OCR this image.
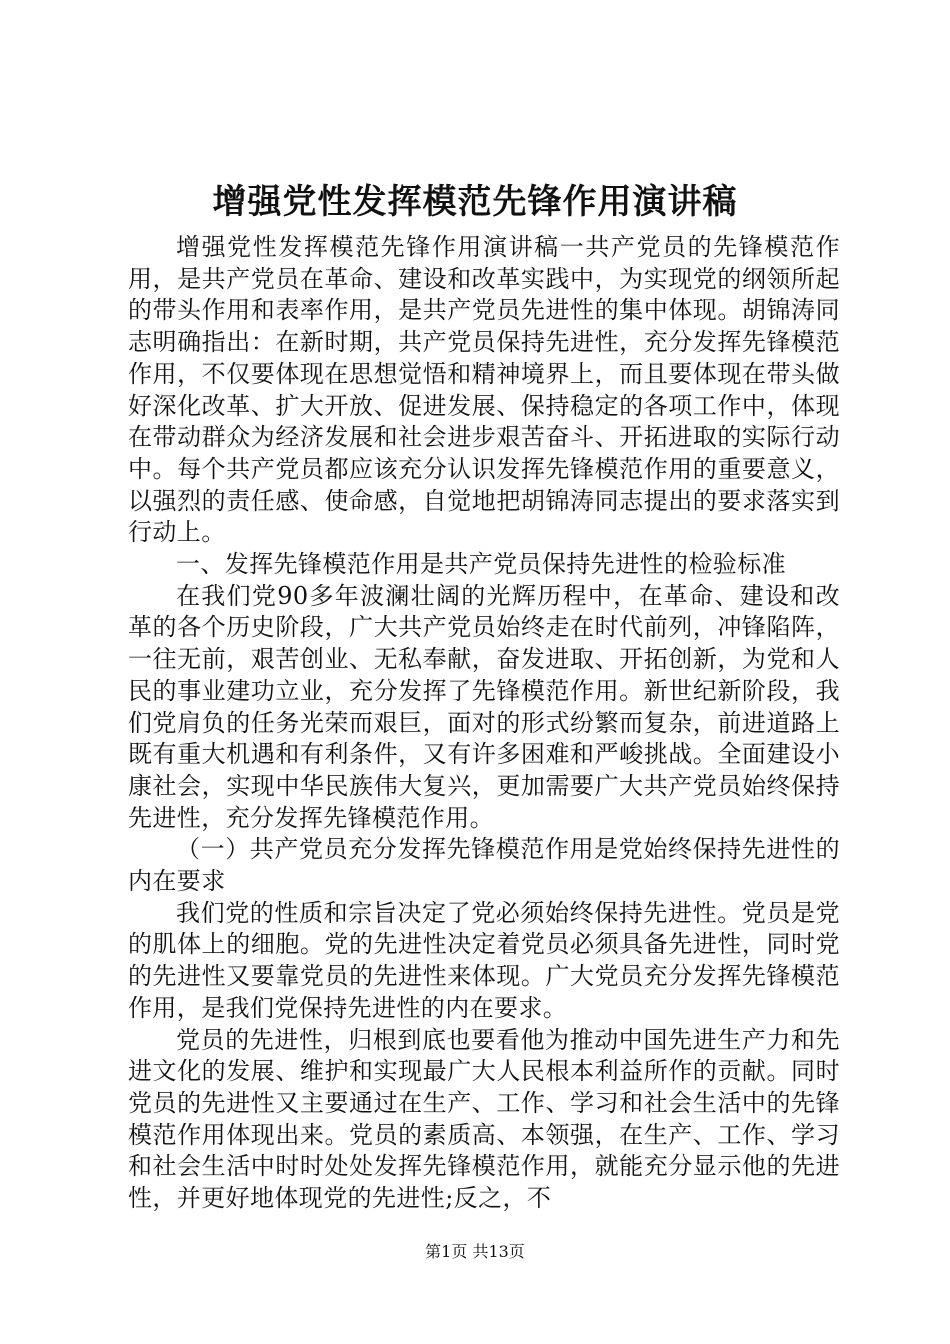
增强党性发挥模范先锋作用演讲稿

增强党性发挥模范先锋作用演讲稿一共产党员的先锋模范作用，是共产党员在革命、建设和改革实践中，为实现党的纲领所起的带头作用和表率作用，是共产党员先进性的集中体现。胡锦涛同志明确指出：在新时期，共产党员保持先进性，充分发挥先锋模范作用，不仅要体现在思想觉悟和精神境界上，而且要体现在带头做好深化改革、扩大开放、促进发展、保持稳定的各项工作中，体现在带动群众为经济发展和社会进步艰苦奋斗、开拓进取的实际行动中。每个共产党员都应该充分认识发挥先锋模范作用的重要意义，以强烈的责任感、使命感，自觉地把胡锦涛同志提出的要求落实到行动上。

一、发挥先锋模范作用是共产党员保持先进性的检验标准

在我们党90多年波澜壮阔的光辉历程中，在革命、建设和改革的各个历史阶段，广大共产党员始终走在时代前列，冲锋陷阵，一往无前，艰苦创业、无私奉献，奋发进取、开拓创新，为党和人民的事业建功立业，充分发挥了先锋模范作用。新世纪新阶段，我们党肩负的任务光荣而艰巨，面对的形式纷繁而复杂，前进道路上既有重大机遇和有利条件，又有许多困难和严峻挑战。全面建设小康社会，实现中华民族伟大复兴，更加需要广大共产党员始终保持先进性，充分发挥先锋模范作用。

（一）共产党员充分发挥先锋模范作用是党始终保持先进性的内在要求

我们党的性质和宗旨决定了党必须始终保持先进性。党员是党的肌体上的细胞。党的先进性决定着党员必须具备先进性，同时党的先进性又要靠党员的先进性来体现。广大党员充分发挥先锋模范作用，是我们党保持先进性的内在要求。

党员的先进性，归根到底也要看他为推动中国先进生产力和先进文化的发展、维护和实现最广大人民根本利益所作的贡献。同时党员的先进性又主要通过在生产、工作、学习和社会生活中的先锋模范作用体现出来。党员的素质高、本领强，在生产、工作、学习和社会生活中时时处处发挥先锋模范作用，就能充分显示他的先进性，并更好地体现党的先进性;反之，不

第1页 共13页
